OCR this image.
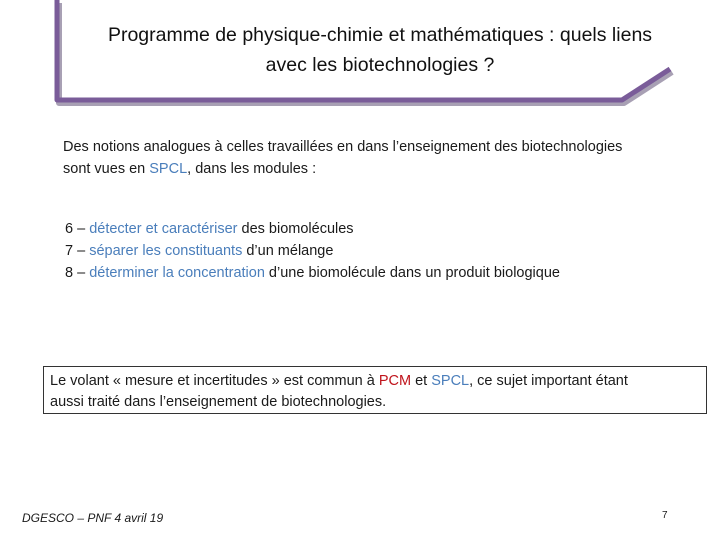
Programme de physique-chimie et mathématiques : quels liens
avec les biotechnologies ?
Des notions analogues à celles travaillées en dans l’enseignement des biotechnologies
sont vues en SPCL, dans les modules :
6 – détecter et caractériser des biomolécules
7 – séparer les constituants d’un mélange
8 – déterminer la concentration d’une biomolécule dans un produit biologique
Le volant « mesure et incertitudes » est commun à PCM et SPCL, ce sujet important étant
aussi traité dans l’enseignement de biotechnologies.
DGESCO – PNF 4 avril 19	7
